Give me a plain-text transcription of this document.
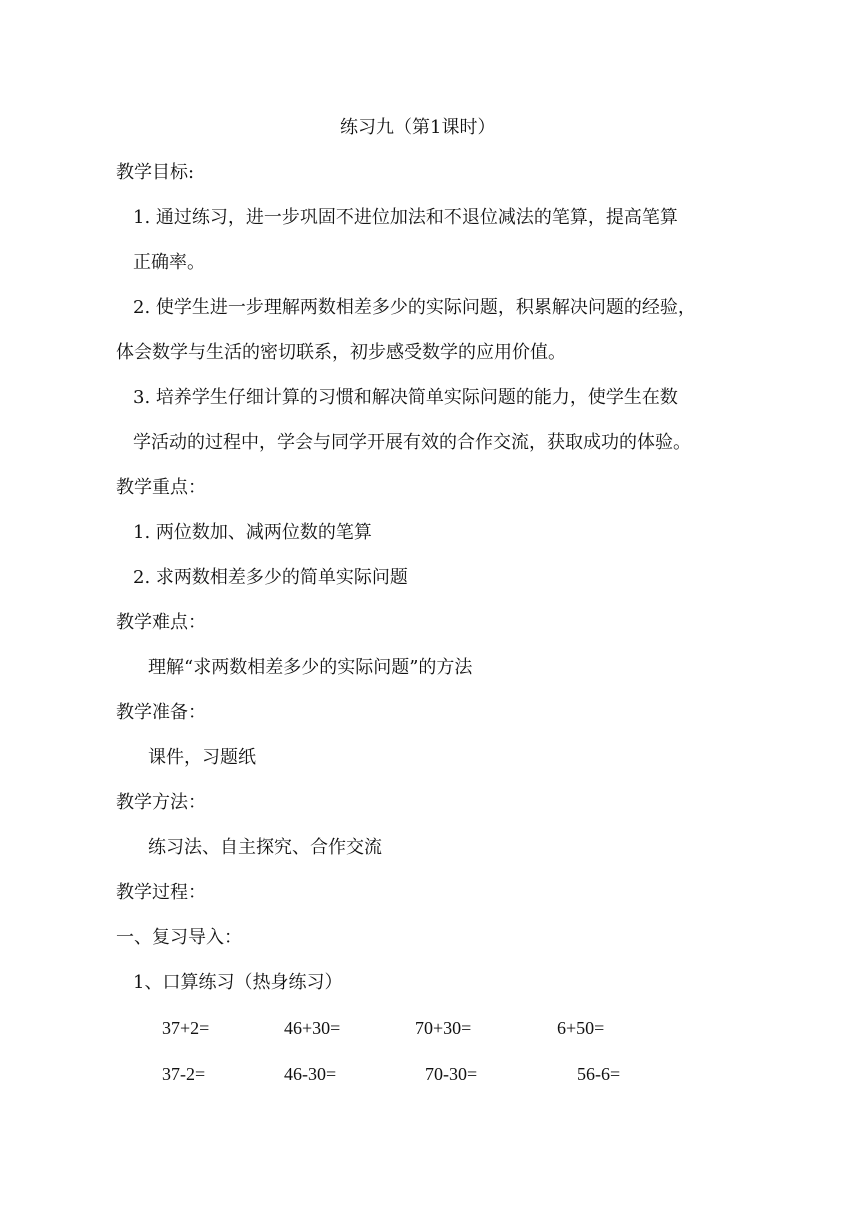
练习九（第1课时）
教学目标:
1. 通过练习，进一步巩固不进位加法和不退位减法的笔算，提高笔算
正确率。
2. 使学生进一步理解两数相差多少的实际问题，积累解决问题的经验，
体会数学与生活的密切联系，初步感受数学的应用价值。
3. 培养学生仔细计算的习惯和解决简单实际问题的能力，使学生在数
学活动的过程中，学会与同学开展有效的合作交流，获取成功的体验。
教学重点：
1. 两位数加、减两位数的笔算
2. 求两数相差多少的简单实际问题
教学难点：
理解“求两数相差多少的实际问题”的方法
教学准备：
课件，习题纸
教学方法：
练习法、自主探究、合作交流
教学过程：
一、复习导入：
1、口算练习（热身练习）
37+2=	46+30=	70+30=	6+50=
37-2=	46-30=	70-30=	56-6=
